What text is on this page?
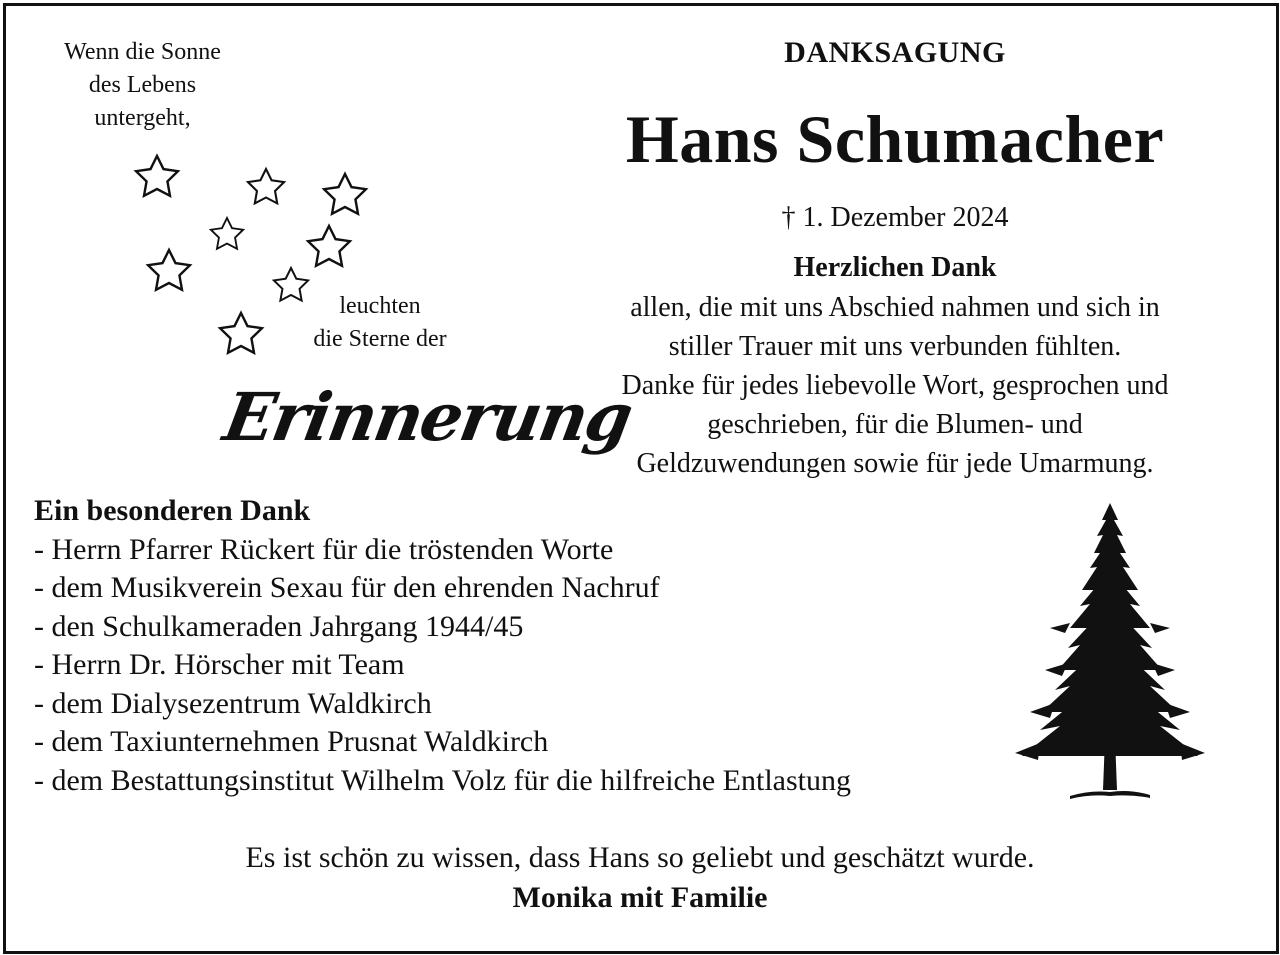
Wenn die Sonne
des Lebens
untergeht,
leuchten
die Sterne der
Erinnerung
DANKSAGUNG
Hans Schumacher
† 1. Dezember 2024
Herzlichen Dank
allen, die mit uns Abschied nahmen und sich in
stiller Trauer mit uns verbunden fühlten.
Danke für jedes liebevolle Wort, gesprochen und
geschrieben, für die Blumen- und
Geldzuwendungen sowie für jede Umarmung.
Ein besonderen Dank
- Herrn Pfarrer Rückert für die tröstenden Worte
- dem Musikverein Sexau für den ehrenden Nachruf
- den Schulkameraden Jahrgang 1944/45
- Herrn Dr. Hörscher mit Team
- dem Dialysezentrum Waldkirch
- dem Taxiunternehmen Prusnat Waldkirch
- dem Bestattungsinstitut Wilhelm Volz für die hilfreiche Entlastung
Es ist schön zu wissen, dass Hans so geliebt und geschätzt wurde.
Monika mit Familie
